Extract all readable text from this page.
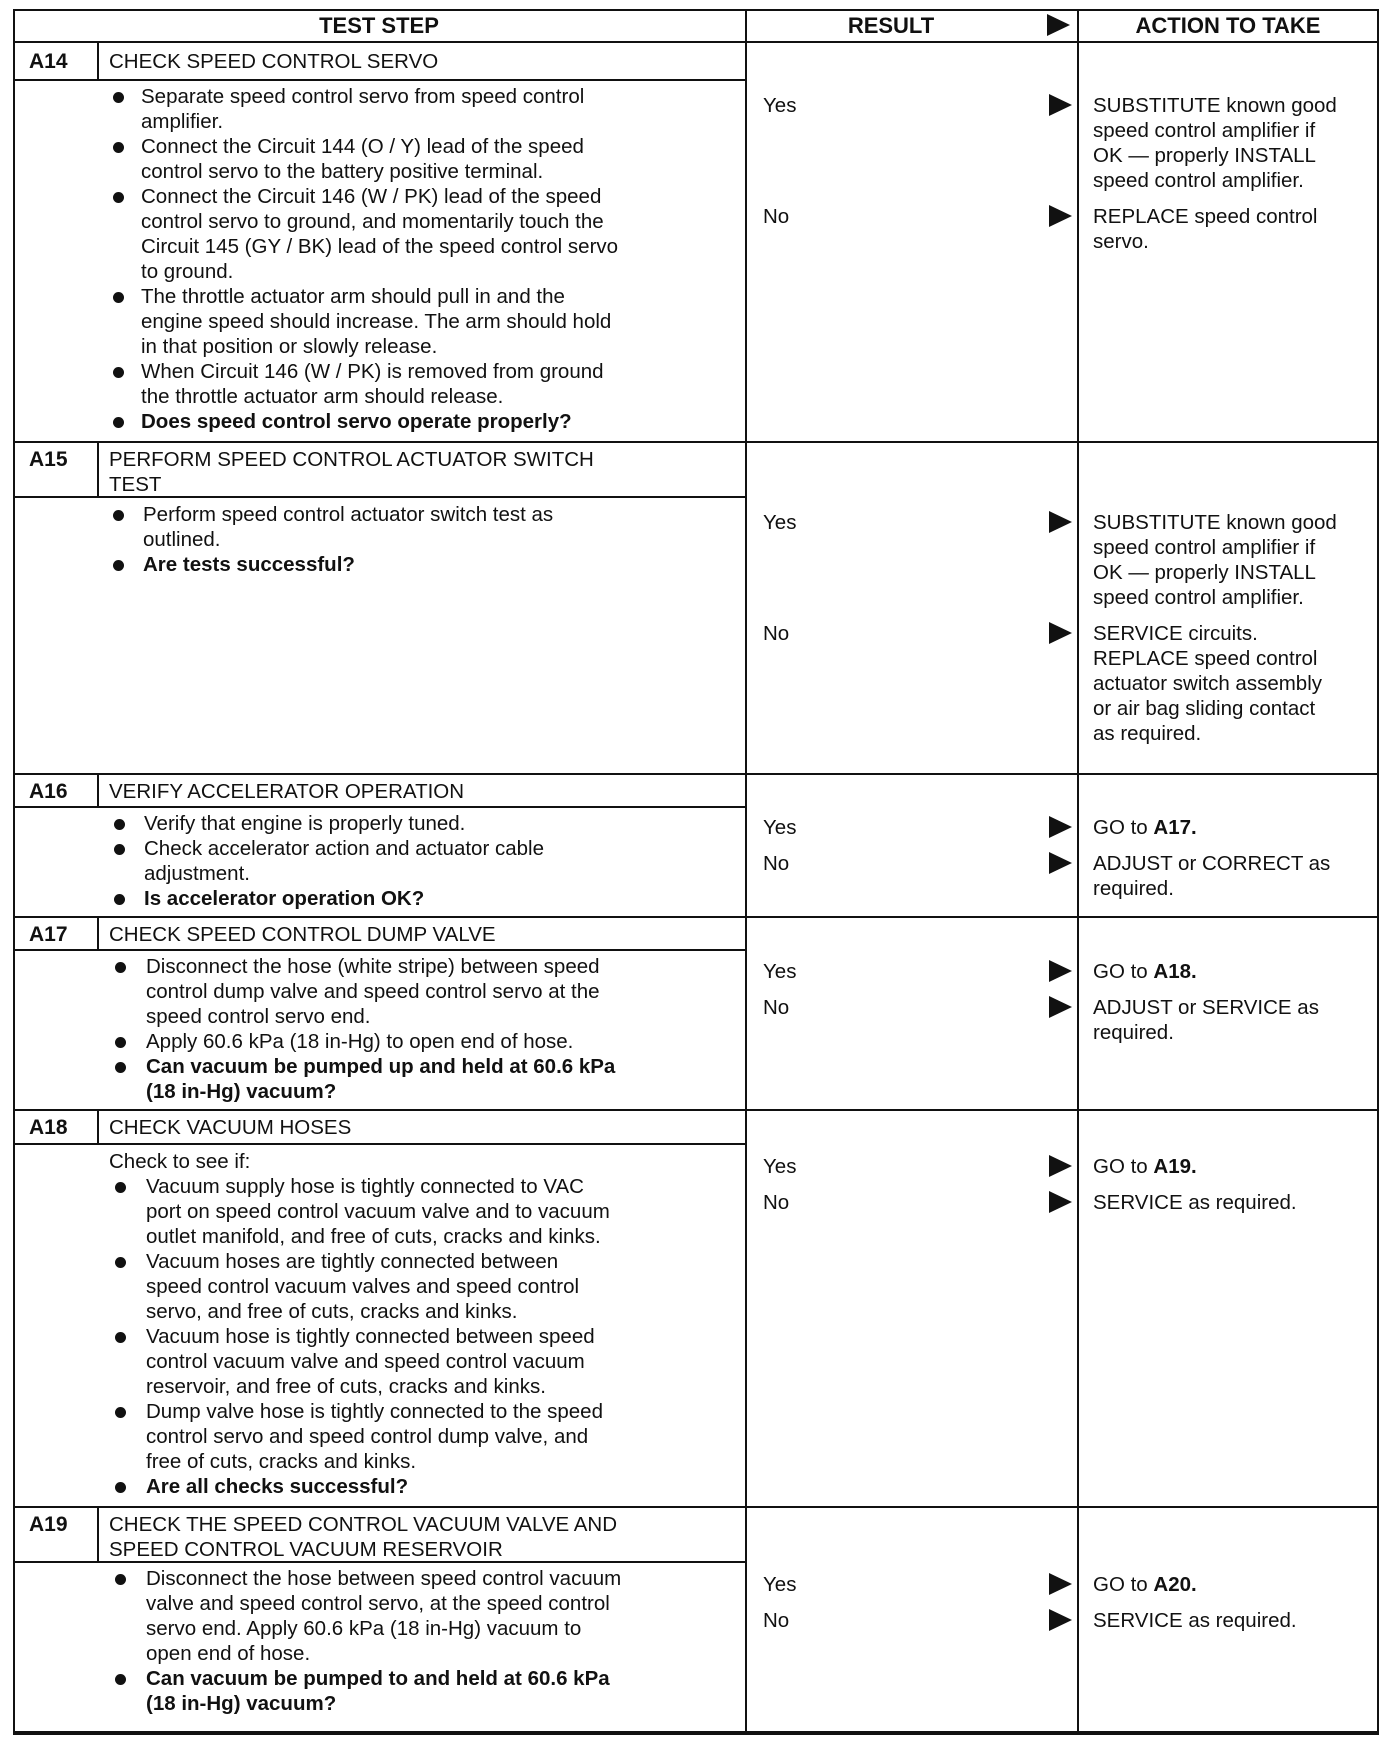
TEST STEP	RESULT	ACTION TO TAKE
A14 CHECK SPEED CONTROL SERVO
Separate speed control servo from speed control
amplifier.
Connect the Circuit 144 (O / Y) lead of the speed
control servo to the battery positive terminal.
Connect the Circuit 146 (W / PK) lead of the speed
control servo to ground, and momentarily touch the
Circuit 145 (GY / BK) lead of the speed control servo
to ground.
The throttle actuator arm should pull in and the
engine speed should increase. The arm should hold
in that position or slowly release.
When Circuit 146 (W / PK) is removed from ground
the throttle actuator arm should release.
Does speed control servo operate properly?
Yes	SUBSTITUTE known good
speed control amplifier if
OK — properly INSTALL
speed control amplifier.
No	REPLACE speed control
servo.
A15 PERFORM SPEED CONTROL ACTUATOR SWITCH
TEST
Perform speed control actuator switch test as
outlined.
Are tests successful?
Yes	SUBSTITUTE known good
speed control amplifier if
OK — properly INSTALL
speed control amplifier.
No	SERVICE circuits.
REPLACE speed control
actuator switch assembly
or air bag sliding contact
as required.
A16 VERIFY ACCELERATOR OPERATION
Verify that engine is properly tuned.
Check accelerator action and actuator cable
adjustment.
Is accelerator operation OK?
Yes	GO to A17.
No	ADJUST or CORRECT as
required.
A17 CHECK SPEED CONTROL DUMP VALVE
Disconnect the hose (white stripe) between speed
control dump valve and speed control servo at the
speed control servo end.
Apply 60.6 kPa (18 in-Hg) to open end of hose.
Can vacuum be pumped up and held at 60.6 kPa
(18 in-Hg) vacuum?
Yes	GO to A18.
No	ADJUST or SERVICE as
required.
A18 CHECK VACUUM HOSES
Check to see if:
Vacuum supply hose is tightly connected to VAC
port on speed control vacuum valve and to vacuum
outlet manifold, and free of cuts, cracks and kinks.
Vacuum hoses are tightly connected between
speed control vacuum valves and speed control
servo, and free of cuts, cracks and kinks.
Vacuum hose is tightly connected between speed
control vacuum valve and speed control vacuum
reservoir, and free of cuts, cracks and kinks.
Dump valve hose is tightly connected to the speed
control servo and speed control dump valve, and
free of cuts, cracks and kinks.
Are all checks successful?
Yes	GO to A19.
No	SERVICE as required.
A19 CHECK THE SPEED CONTROL VACUUM VALVE AND
SPEED CONTROL VACUUM RESERVOIR
Disconnect the hose between speed control vacuum
valve and speed control servo, at the speed control
servo end. Apply 60.6 kPa (18 in-Hg) vacuum to
open end of hose.
Can vacuum be pumped to and held at 60.6 kPa
(18 in-Hg) vacuum?
Yes	GO to A20.
No	SERVICE as required.
